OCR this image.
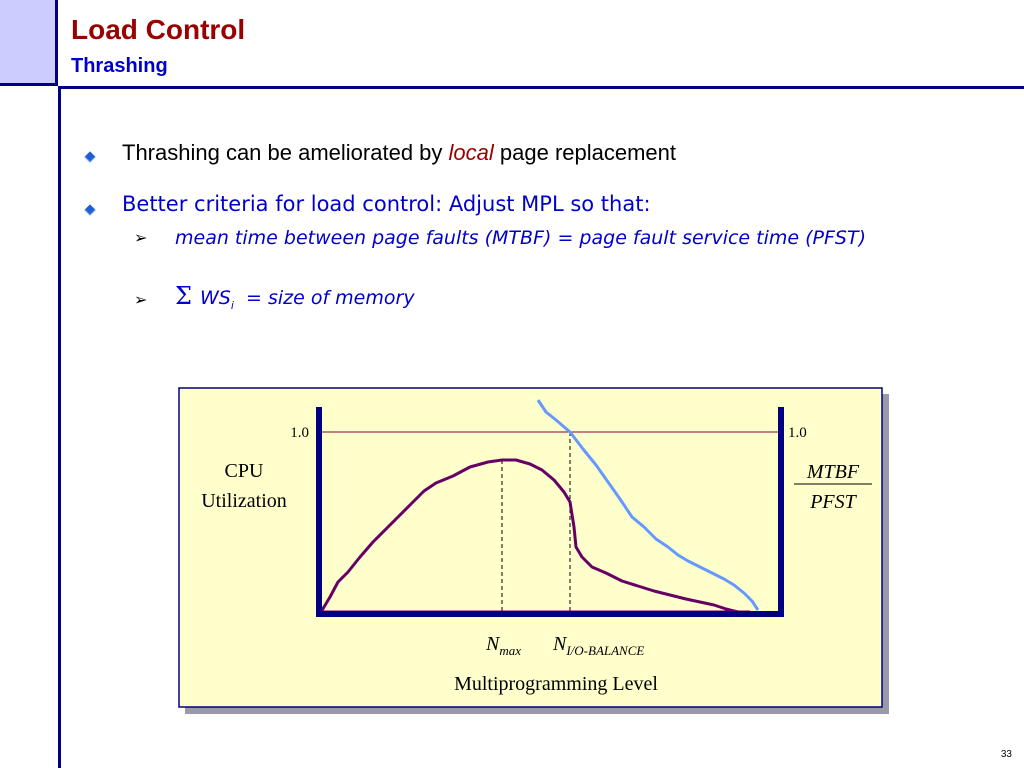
Load Control
Thrashing
Thrashing can be ameliorated by local page replacement
Better criteria for load control: Adjust MPL so that:
➢	mean time between page faults (MTBF) = page fault service time (PFST)
➢ Σ $WS_i$ = size of memory
1.0	1.0
CPU
Utilization
MTBF
PFST
$N_{max}$ $N_{I/O-BALANCE}$
Multiprogramming Level
33
